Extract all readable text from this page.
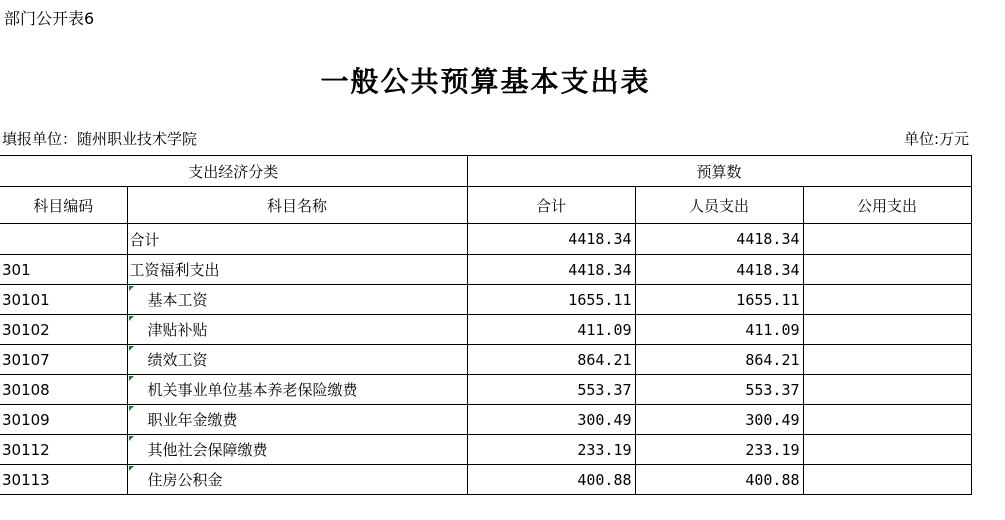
部门公开表6
一般公共预算基本支出表
填报单位：随州职业技术学院	单位:万元
支出经济分类		预算数		
科目编码	科目名称	合计	人员支出	公用支出
	合计	4418.34	4418.34	
301	工资福利支出	4418.34	4418.34	
30101	基本工资	1655.11	1655.11	
30102	津贴补贴	411.09	411.09	
30107	绩效工资	864.21	864.21	
30108	机关事业单位基本养老保险缴费	553.37	553.37	
30109	职业年金缴费	300.49	300.49	
30112	其他社会保障缴费	233.19	233.19	
30113	住房公积金	400.88	400.88	
